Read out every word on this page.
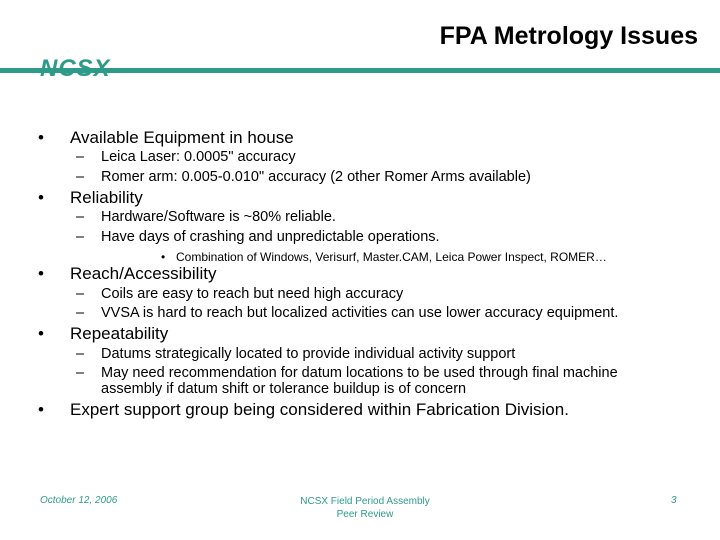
FPA Metrology Issues
NCSX
• Available Equipment in house
– Leica Laser: 0.0005" accuracy
– Romer arm: 0.005-0.010" accuracy (2 other Romer Arms available)
• Reliability
– Hardware/Software is ~80% reliable.
– Have days of crashing and unpredictable operations.
• Combination of Windows, Verisurf, Master.CAM, Leica Power Inspect, ROMER…
• Reach/Accessibility
– Coils are easy to reach but need high accuracy
– VVSA is hard to reach but localized activities can use lower accuracy equipment.
• Repeatability
– Datums strategically located to provide individual activity support
– May need recommendation for datum locations to be used through final machine
assembly if datum shift or tolerance buildup is of concern
• Expert support group being considered within Fabrication Division.
October 12, 2006	NCSX Field Period Assembly
Peer Review
3
